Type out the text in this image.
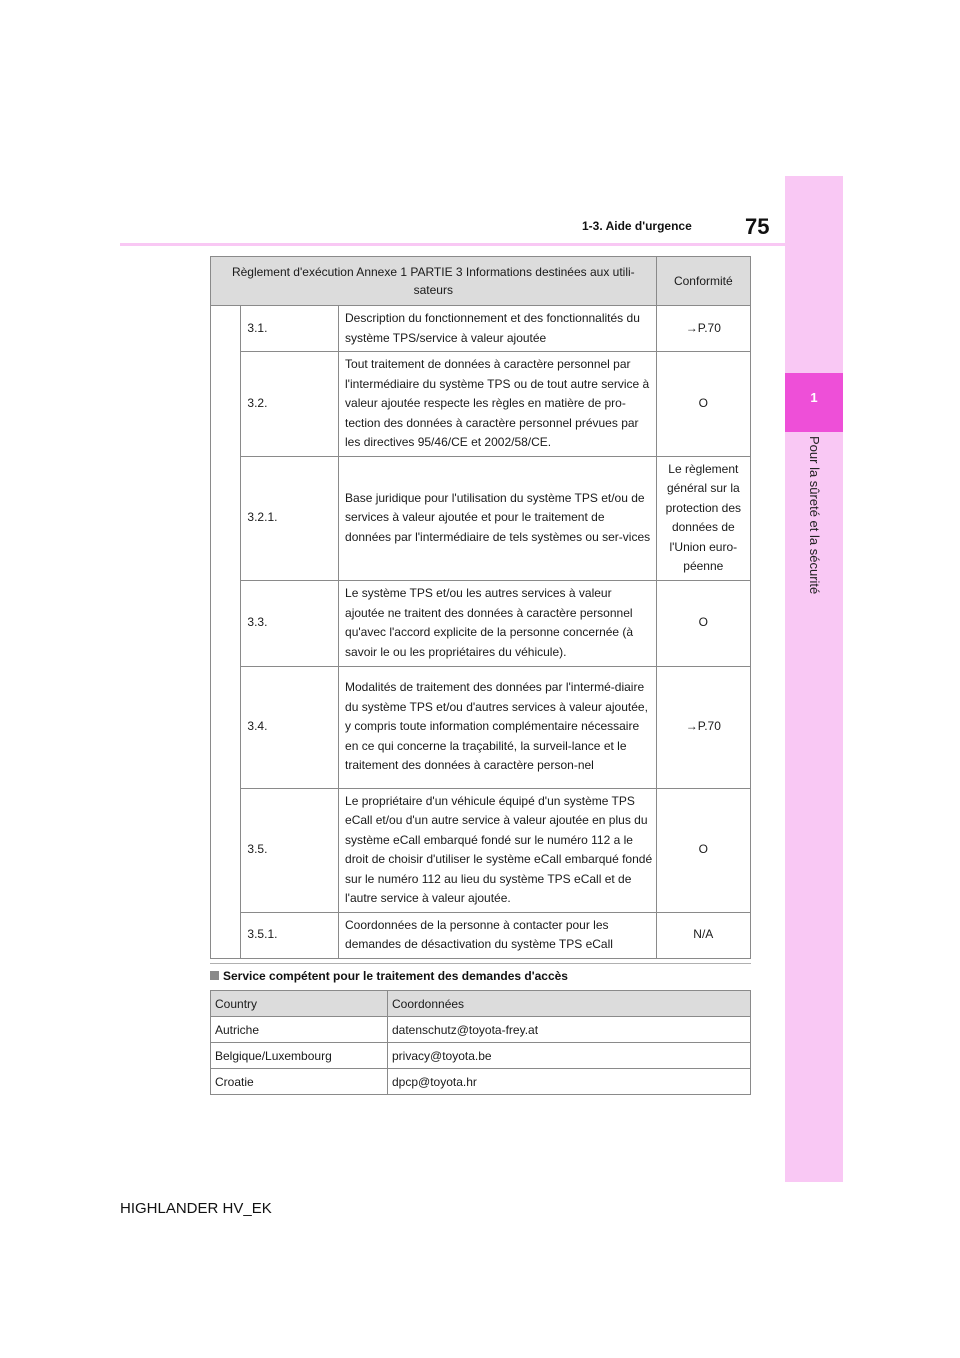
1
Pour la sûreté et la sécurité
1-3. Aide d'urgence 75
Règlement d'exécution Annexe 1 PARTIE 3 Informations destinées aux utili-sateurs			Conformité
	3.1.	Description du fonctionnement et des fonctionnalités du système TPS/service à valeur ajoutée	→P.70
	3.2.	Tout traitement de données à caractère personnel par l'intermédiaire du système TPS ou de tout autre service à valeur ajoutée respecte les règles en matière de pro-tection des données à caractère personnel prévues par les directives 95/46/CE et 2002/58/CE.	O
	3.2.1.	Base juridique pour l'utilisation du système TPS et/ou de services à valeur ajoutée et pour le traitement de données par l'intermédiaire de tels systèmes ou ser-vices	Le règlement général sur la protection des données de l'Union euro-péenne
	3.3.	Le système TPS et/ou les autres services à valeur ajoutée ne traitent des données à caractère personnel qu'avec l'accord explicite de la personne concernée (à savoir le ou les propriétaires du véhicule).	O
	3.4.	Modalités de traitement des données par l'intermé-diaire du système TPS et/ou d'autres services à valeur ajoutée, y compris toute information complémentaire nécessaire en ce qui concerne la traçabilité, la surveil-lance et le traitement des données à caractère person-nel	→P.70
	3.5.	Le propriétaire d'un véhicule équipé d'un système TPS eCall et/ou d'un autre service à valeur ajoutée en plus du système eCall embarqué fondé sur le numéro 112 a le droit de choisir d'utiliser le système eCall embarqué fondé sur le numéro 112 au lieu du système TPS eCall et de l'autre service à valeur ajoutée.	O
	3.5.1.	Coordonnées de la personne à contacter pour les demandes de désactivation du système TPS eCall	N/A
Service compétent pour le traitement des demandes d'accès
Country	Coordonnées
Autriche	datenschutz@toyota-frey.at
Belgique/Luxembourg	privacy@toyota.be
Croatie	dpcp@toyota.hr
HIGHLANDER HV_EK
